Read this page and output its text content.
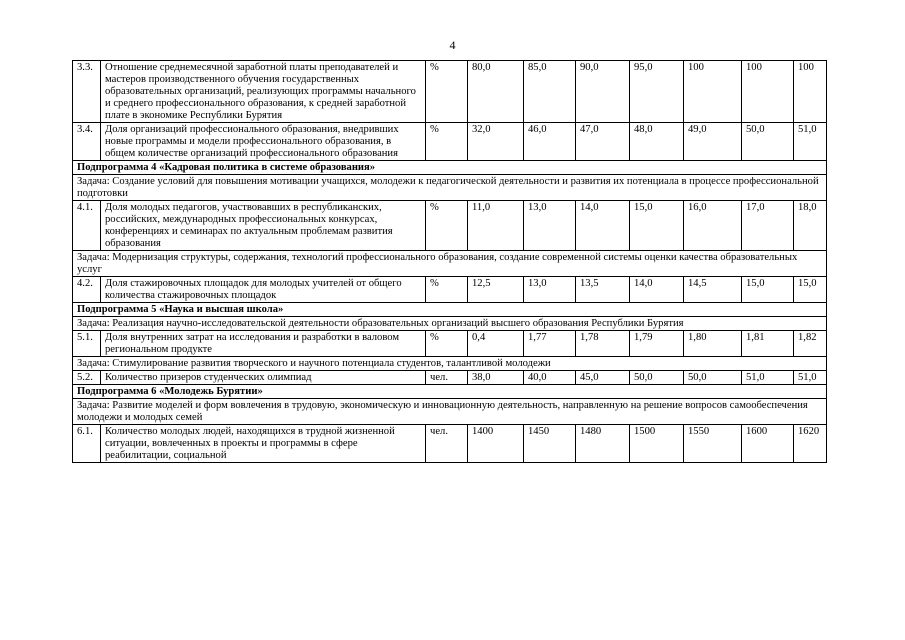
4
3.3.	Отношение среднемесячной заработной платы преподавателей и мастеров производственного обучения государственных образовательных организаций, реализующих программы начального и среднего профессионального образования, к средней заработной плате в экономике Республики Бурятия	%	80,0	85,0	90,0	95,0	100	100	100
3.4.	Доля организаций профессионального образования, внедривших новые программы и модели профессионального образования, в общем количестве организаций профессионального образования	%	32,0	46,0	47,0	48,0	49,0	50,0	51,0
Подпрограмма 4 «Кадровая политика в системе образования»									
Задача: Создание условий для повышения мотивации учащихся, молодежи к педагогической деятельности и развития их потенциала в процессе профессиональной подготовки									
4.1.	Доля молодых педагогов, участвовавших в республиканских, российских, международных профессиональных конкурсах, конференциях и семинарах по актуальным проблемам развития образования	%	11,0	13,0	14,0	15,0	16,0	17,0	18,0
Задача: Модернизация структуры, содержания, технологий профессионального образования, создание современной системы оценки качества образовательных услуг									
4.2.	Доля стажировочных площадок для молодых учителей от общего количества стажировочных площадок	%	12,5	13,0	13,5	14,0	14,5	15,0	15,0
Подпрограмма 5 «Наука и высшая школа»									
Задача: Реализация научно-исследовательской деятельности образовательных организаций высшего образования Республики Бурятия									
5.1.	Доля внутренних затрат на исследования и разработки в валовом региональном продукте	%	0,4	1,77	1,78	1,79	1,80	1,81	1,82
Задача: Стимулирование развития творческого и научного потенциала студентов, талантливой молодежи									
5.2.	Количество призеров студенческих олимпиад	чел.	38,0	40,0	45,0	50,0	50,0	51,0	51,0
Подпрограмма 6 «Молодежь Бурятии»									
Задача: Развитие моделей и форм вовлечения в трудовую, экономическую и инновационную деятельность, направленную на решение вопросов самообеспечения молодежи и молодых семей									
6.1.	Количество молодых людей, находящихся в трудной жизненной ситуации, вовлеченных в проекты и программы в сфере реабилитации, социальной	чел.	1400	1450	1480	1500	1550	1600	1620
